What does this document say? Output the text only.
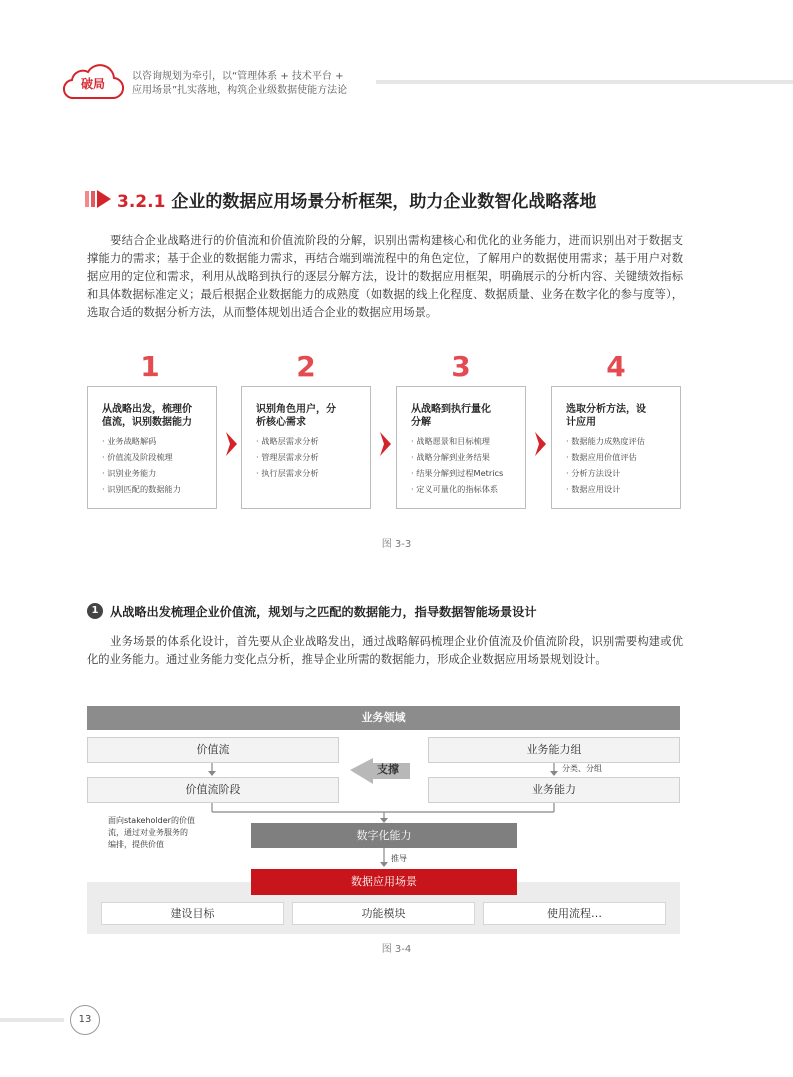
破局
以咨询规划为牵引，以“管理体系 + 技术平台 +
应用场景”扎实落地，构筑企业级数据使能方法论
3.2.1 企业的数据应用场景分析框架，助力企业数智化战略落地
要结合企业战略进行的价值流和价值流阶段的分解，识别出需构建核心和优化的业务能力，进而识别出对于数据支撑能力的需求；基于企业的数据能力需求，再结合端到端流程中的角色定位，了解用户的数据使用需求；基于用户对数据应用的定位和需求，利用从战略到执行的逐层分解方法，设计的数据应用框架，明确展示的分析内容、关键绩效指标和具体数据标准定义；最后根据企业数据能力的成熟度（如数据的线上化程度、数据质量、业务在数字化的参与度等），选取合适的数据分析方法，从而整体规划出适合企业的数据应用场景。
1	2	3	4
从战略出发，梳理价
值流，识别数据能力
· 业务战略解码
· 价值流及阶段梳理
· 识别业务能力
· 识别匹配的数据能力
识别角色用户，分
析核心需求
· 战略层需求分析
· 管理层需求分析
· 执行层需求分析
从战略到执行量化
分解
· 战略愿景和目标梳理
· 战略分解到业务结果
· 结果分解到过程Metrics
· 定义可量化的指标体系
选取分析方法，设
计应用
· 数据能力成熟度评估
· 数据应用价值评估
· 分析方法设计
· 数据应用设计
图 3-3
1 从战略出发梳理企业价值流，规划与之匹配的数据能力，指导数据智能场景设计
业务场景的体系化设计，首先要从企业战略发出，通过战略解码梳理企业价值流及价值流阶段，识别需要构建或优化的业务能力。通过业务能力变化点分析，推导企业所需的数据能力，形成企业数据应用场景规划设计。
业务领域
价值流
价值流阶段
业务能力组
业务能力
支撑	分类、分组
面向stakeholder的价值
流，通过对业务服务的
编排，提供价值
数字化能力
推导
数据应用场景
建设目标	功能模块	使用流程…
图 3-4
13
